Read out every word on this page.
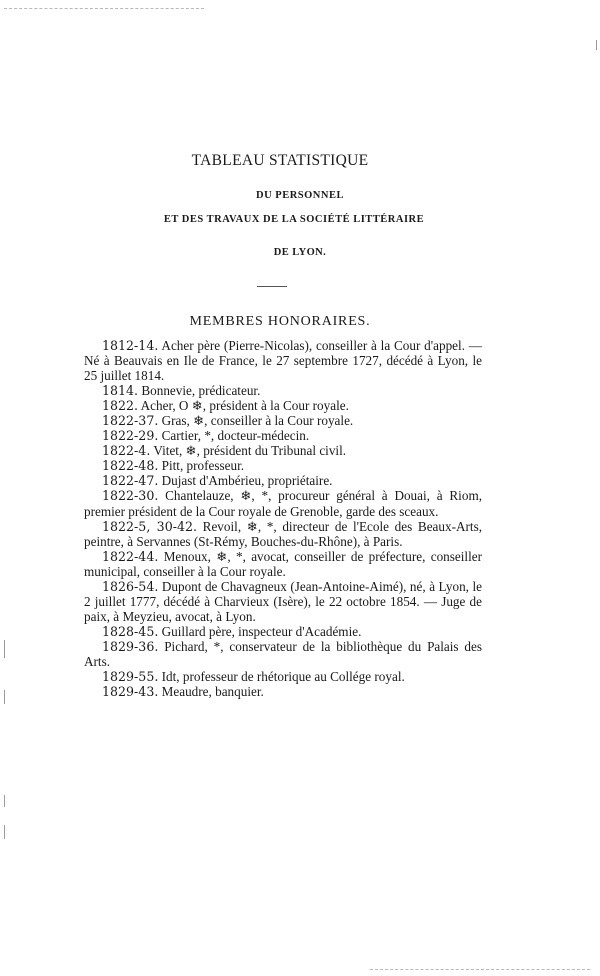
TABLEAU STATISTIQUE
DU PERSONNEL
ET DES TRAVAUX DE LA SOCIÉTÉ LITTÉRAIRE
DE LYON.
MEMBRES HONORAIRES.

1812-14. Acher père (Pierre-Nicolas), conseiller à la Cour d'appel. — Né à Beauvais en Ile de France, le 27 septembre 1727, décédé à Lyon, le 25 juillet 1814.

1814. Bonnevie, prédicateur.

1822. Acher, O ❄, président à la Cour royale.

1822-37. Gras, ❄, conseiller à la Cour royale.

1822-29. Cartier, *, docteur-médecin.

1822-4. Vitet, ❄, président du Tribunal civil.

1822-48. Pitt, professeur.

1822-47. Dujast d'Ambérieu, propriétaire.

1822-30. Chantelauze, ❄, *, procureur général à Douai, à Riom, premier président de la Cour royale de Grenoble, garde des sceaux.

1822-5, 30-42. Revoil, ❄, *, directeur de l'Ecole des Beaux-Arts, peintre, à Servannes (St-Rémy, Bouches-du-Rhône), à Paris.

1822-44. Menoux, ❄, *, avocat, conseiller de préfecture, conseiller municipal, conseiller à la Cour royale.

1826-54. Dupont de Chavagneux (Jean-Antoine-Aimé), né, à Lyon, le 2 juillet 1777, décédé à Charvieux (Isère), le 22 octobre 1854. — Juge de paix, à Meyzieu, avocat, à Lyon.

1828-45. Guillard père, inspecteur d'Académie.

1829-36. Pichard, *, conservateur de la bibliothèque du Palais des Arts.

1829-55. Idt, professeur de rhétorique au Collége royal.

1829-43. Meaudre, banquier.
